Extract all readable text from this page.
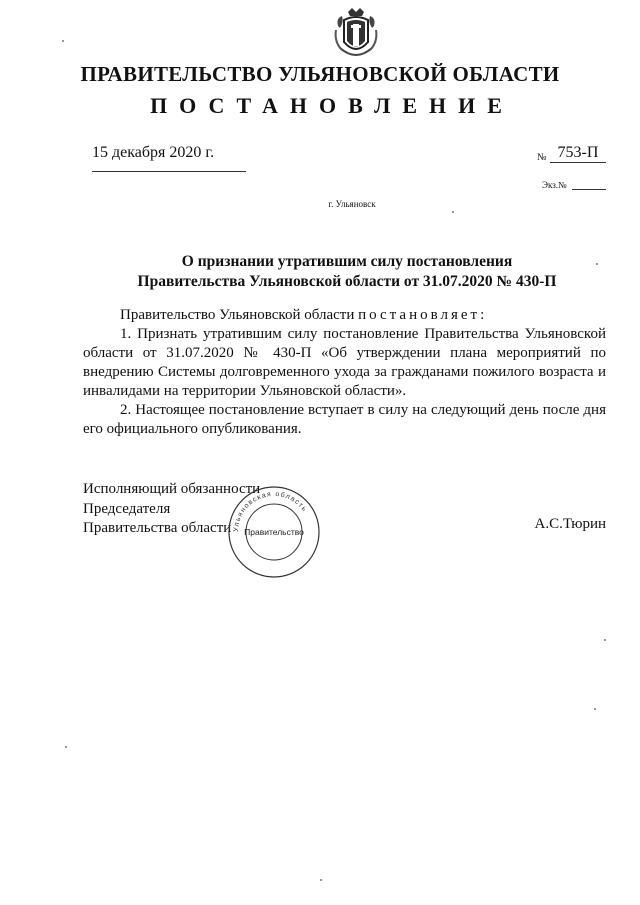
ПРАВИТЕЛЬСТВО УЛЬЯНОВСКОЙ ОБЛАСТИ
ПОСТАНОВЛЕНИЕ
15 декабря 2020 г.	№ 753-П
Экз.№
г. Ульяновск
О признании утратившим силу постановления
Правительства Ульяновской области от 31.07.2020 № 430-П

Правительство Ульяновской области постановляет:

1. Признать утратившим силу постановление Правительства Ульяновской области от 31.07.2020 № 430-П «Об утверждении плана мероприятий по внедрению Системы долговременного ухода за гражданами пожилого возраста и инвалидами на территории Ульяновской области».

2. Настоящее постановление вступает в силу на следующий день после дня его официального опубликования.

Исполняющий обязанности
Председателя
Правительства области Ульяновская область
Правительство	А.С.Тюрин
